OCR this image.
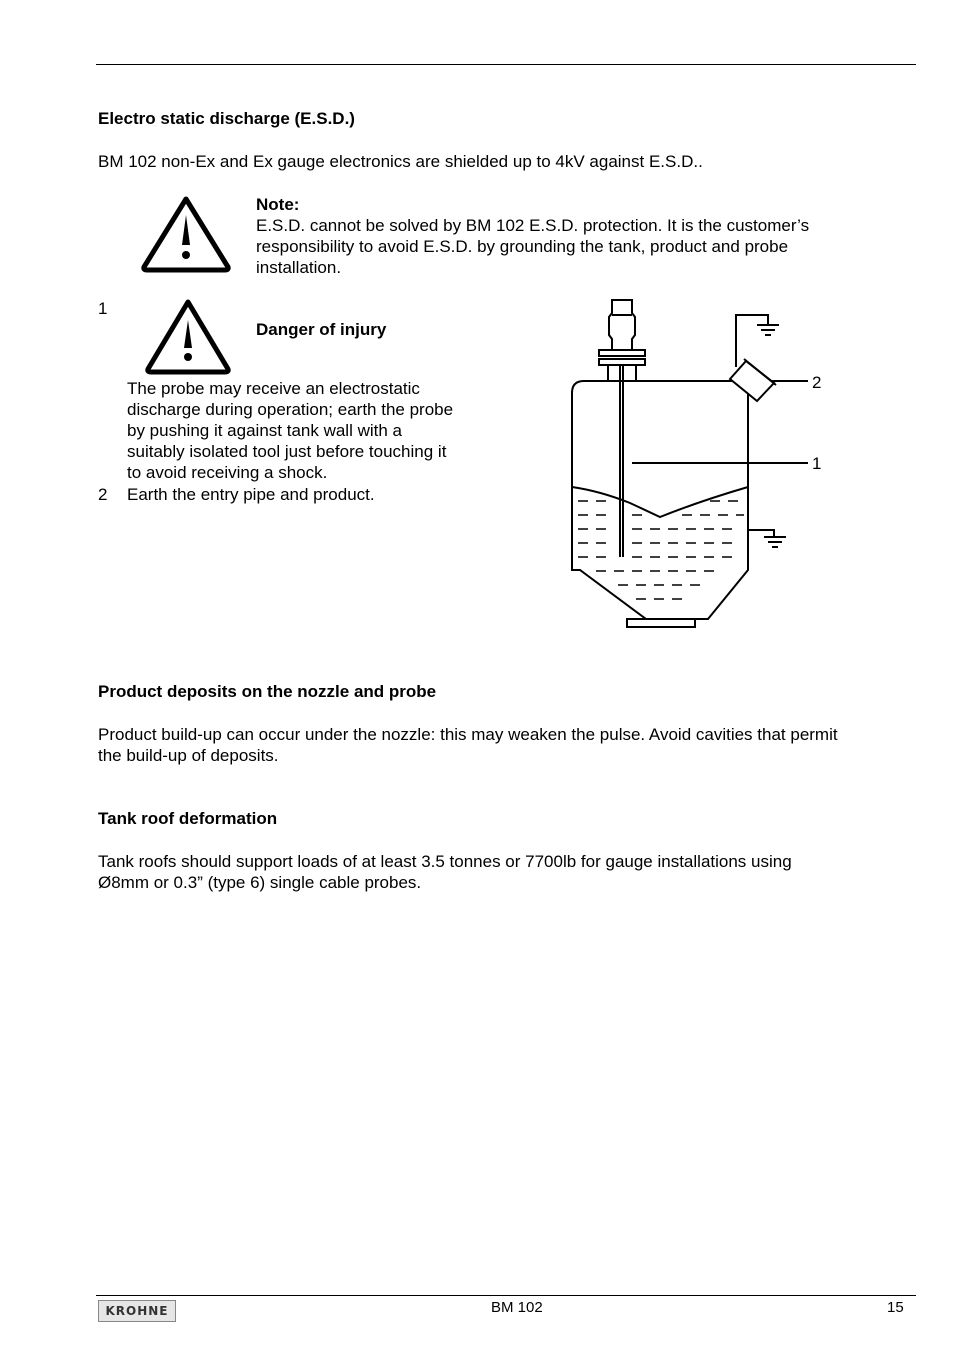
Electro static discharge (E.S.D.)
BM 102 non-Ex and Ex gauge electronics are shielded up to 4kV against E.S.D..
Note:
E.S.D. cannot be solved by BM 102 E.S.D. protection. It is the customer’s
responsibility to avoid E.S.D. by grounding the tank, product and probe
installation.
1
Danger of injury
The probe may receive an electrostatic
discharge during operation; earth the probe
by pushing it against tank wall with a
suitably isolated tool just before touching it
to avoid receiving a shock.
2 Earth the entry pipe and product.
2
1
Product deposits on the nozzle and probe
Product build-up can occur under the nozzle: this may weaken the pulse. Avoid cavities that permit
the build-up of deposits.
Tank roof deformation
Tank roofs should support loads of at least 3.5 tonnes or 7700lb for gauge installations using
Ø8mm or 0.3” (type 6) single cable probes.
KROHNE	BM 102	15
